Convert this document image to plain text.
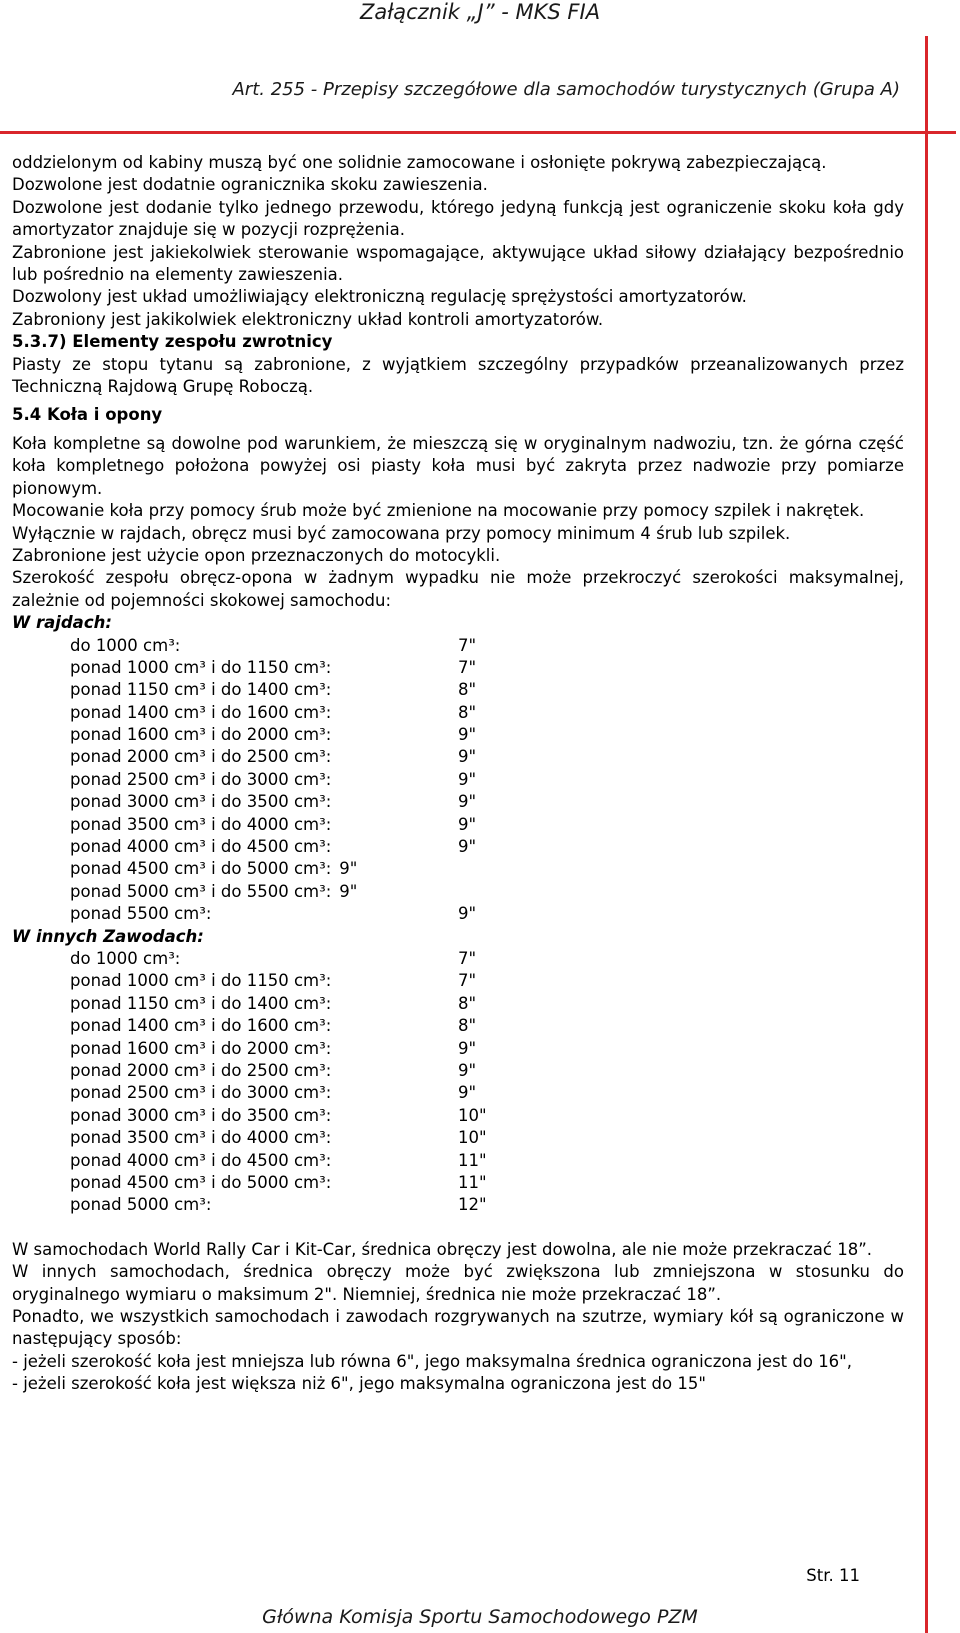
Załącznik „J” - MKS FIA
Art. 255 - Przepisy szczegółowe dla samochodów turystycznych (Grupa A)
oddzielonym od kabiny muszą być one solidnie zamocowane i osłonięte pokrywą zabezpieczającą.
Dozwolone jest dodatnie ogranicznika skoku zawieszenia.
Dozwolone jest dodanie tylko jednego przewodu, którego jedyną funkcją jest ograniczenie skoku koła gdy amortyzator znajduje się w pozycji rozprężenia.
Zabronione jest jakiekolwiek sterowanie wspomagające, aktywujące układ siłowy działający bezpośrednio lub pośrednio na elementy zawieszenia.
Dozwolony jest układ umożliwiający elektroniczną regulację sprężystości amortyzatorów.
Zabroniony jest jakikolwiek elektroniczny układ kontroli amortyzatorów.
5.3.7) Elementy zespołu zwrotnicy
Piasty ze stopu tytanu są zabronione, z wyjątkiem szczególny przypadków przeanalizowanych przez Techniczną Rajdową Grupę Roboczą.
5.4 Koła i opony
Koła kompletne są dowolne pod warunkiem, że mieszczą się w oryginalnym nadwoziu, tzn. że górna część koła kompletnego położona powyżej osi piasty koła musi być zakryta przez nadwozie przy pomiarze pionowym.
Mocowanie koła przy pomocy śrub może być zmienione na mocowanie przy pomocy szpilek i nakrętek.
Wyłącznie w rajdach, obręcz musi być zamocowana przy pomocy minimum 4 śrub lub szpilek.
Zabronione jest użycie opon przeznaczonych do motocykli.
Szerokość zespołu obręcz-opona w żadnym wypadku nie może przekroczyć szerokości maksymalnej, zależnie od pojemności skokowej samochodu:
W rajdach:
do 1000 cm³:	7"
ponad 1000 cm³ i do 1150 cm³:	7"
ponad 1150 cm³ i do 1400 cm³:	8"
ponad 1400 cm³ i do 1600 cm³:	8"
ponad 1600 cm³ i do 2000 cm³:	9"
ponad 2000 cm³ i do 2500 cm³:	9"
ponad 2500 cm³ i do 3000 cm³:	9"
ponad 3000 cm³ i do 3500 cm³:	9"
ponad 3500 cm³ i do 4000 cm³:	9"
ponad 4000 cm³ i do 4500 cm³:	9"
ponad 4500 cm³ i do 5000 cm³: 9"
ponad 5000 cm³ i do 5500 cm³: 9"
ponad 5500 cm³:	9"
W innych Zawodach:
do 1000 cm³:	7"
ponad 1000 cm³ i do 1150 cm³:	7"
ponad 1150 cm³ i do 1400 cm³:	8"
ponad 1400 cm³ i do 1600 cm³:	8"
ponad 1600 cm³ i do 2000 cm³:	9"
ponad 2000 cm³ i do 2500 cm³:	9"
ponad 2500 cm³ i do 3000 cm³:	9"
ponad 3000 cm³ i do 3500 cm³:	10"
ponad 3500 cm³ i do 4000 cm³:	10"
ponad 4000 cm³ i do 4500 cm³:	11"
ponad 4500 cm³ i do 5000 cm³:	11"
ponad 5000 cm³:	12"
W samochodach World Rally Car i Kit-Car, średnica obręczy jest dowolna, ale nie może przekraczać 18”.
W innych samochodach, średnica obręczy może być zwiększona lub zmniejszona w stosunku do oryginalnego wymiaru o maksimum 2". Niemniej, średnica nie może przekraczać 18”.
Ponadto, we wszystkich samochodach i zawodach rozgrywanych na szutrze, wymiary kół są ograniczone w następujący sposób:
- jeżeli szerokość koła jest mniejsza lub równa 6", jego maksymalna średnica ograniczona jest do 16",
- jeżeli szerokość koła jest większa niż 6", jego maksymalna ograniczona jest do 15"
Str. 11
Główna Komisja Sportu Samochodowego PZM
